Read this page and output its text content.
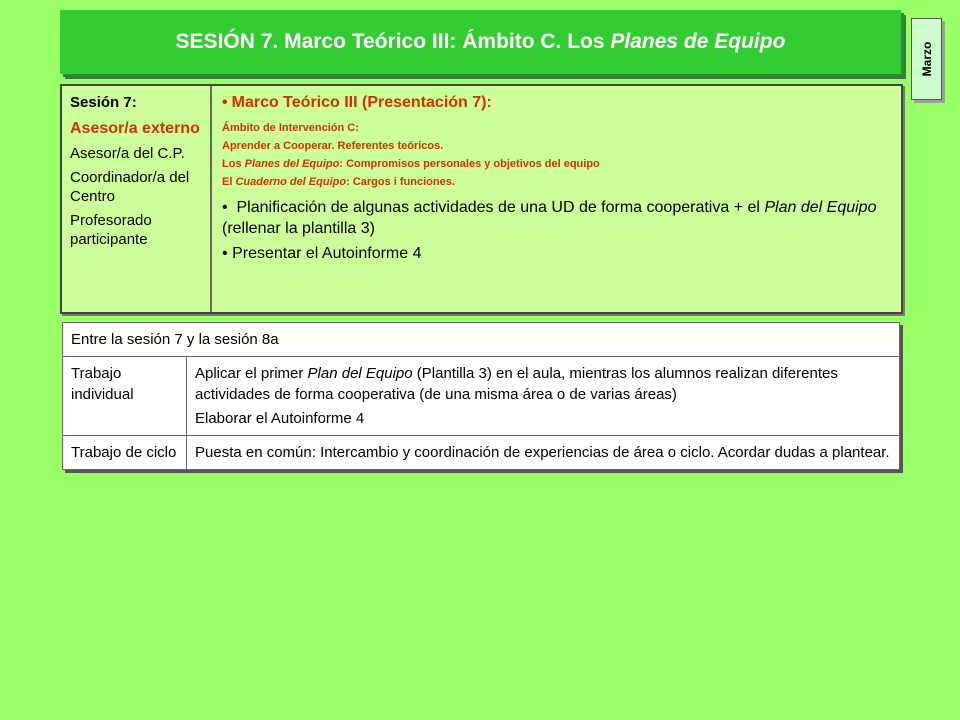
SESIÓN 7. Marco Teórico III: Ámbito C. Los Planes de Equipo
Marzo
Sesión 7:
Asesor/a externo
Asesor/a del C.P.
Coordinador/a del Centro
Profesorado participante
• Marco Teórico III (Presentación 7):
Ámbito de Intervención C:
Aprender a Cooperar. Referentes teóricos.
Los Planes del Equipo: Compromisos personales y objetivos del equipo
El Cuaderno del Equipo: Cargos i funciones.
• Planificación de algunas actividades de una UD de forma cooperativa + el Plan del Equipo (rellenar la plantilla 3)
• Presentar el Autoinforme 4
Entre la sesión 7 y la sesión 8a	
Trabajo individual	Aplicar el primer Plan del Equipo (Plantilla 3) en el aula, mientras los alumnos realizan diferentes actividades de forma cooperativa (de una misma área o de varias áreas)
Elaborar el Autoinforme 4

Trabajo de ciclo	Puesta en común: Intercambio y coordinación de experiencias de área o ciclo. Acordar dudas a plantear.
